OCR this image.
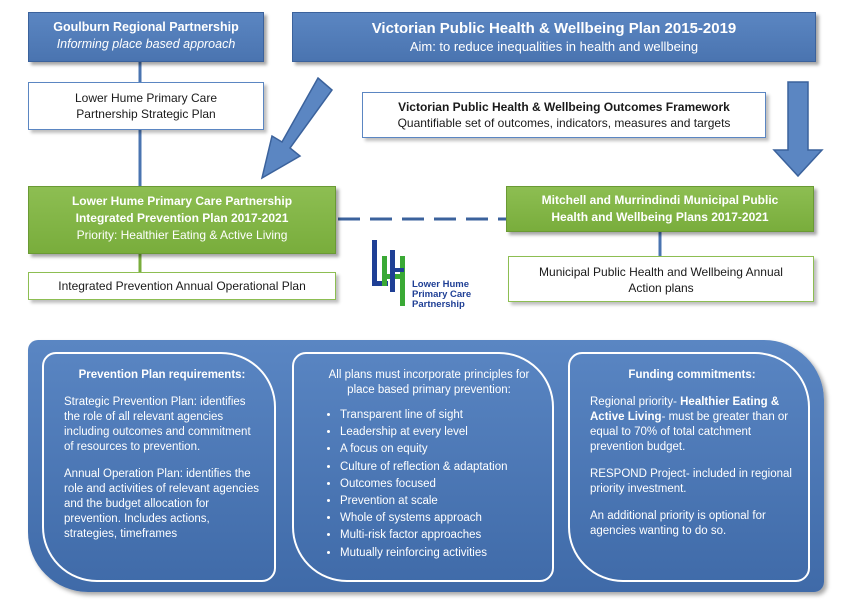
Goulburn Regional Partnership
Informing place based approach
Victorian Public Health & Wellbeing Plan 2015-2019
Aim: to reduce inequalities in health and wellbeing
Lower Hume Primary Care
Partnership Strategic Plan	Victorian Public Health & Wellbeing Outcomes Framework
Quantifiable set of outcomes, indicators, measures and targets
Lower Hume Primary Care Partnership
Integrated Prevention Plan 2017-2021
Priority: Healthier Eating & Active Living
Mitchell and Murrindindi Municipal Public
Health and Wellbeing Plans 2017-2021
Integrated Prevention Annual Operational Plan
Municipal Public Health and Wellbeing Annual
Action plans
Lower Hume
Primary Care
Partnership
Prevention Plan requirements:

Strategic Prevention Plan: identifies the role of all relevant agencies including outcomes and commitment of resources to prevention.

Annual Operation Plan: identifies the role and activities of relevant agencies and the budget allocation for prevention. Includes actions, strategies, timeframes

All plans must incorporate principles for place based primary prevention:
• Transparent line of sight
• Leadership at every level
• A focus on equity
• Culture of reflection & adaptation
• Outcomes focused
• Prevention at scale
• Whole of systems approach
• Multi-risk factor approaches
• Mutually reinforcing activities
Funding commitments:

Regional priority- Healthier Eating & Active Living- must be greater than or equal to 70% of total catchment prevention budget.

RESPOND Project- included in regional priority investment.

An additional priority is optional for agencies wanting to do so.
